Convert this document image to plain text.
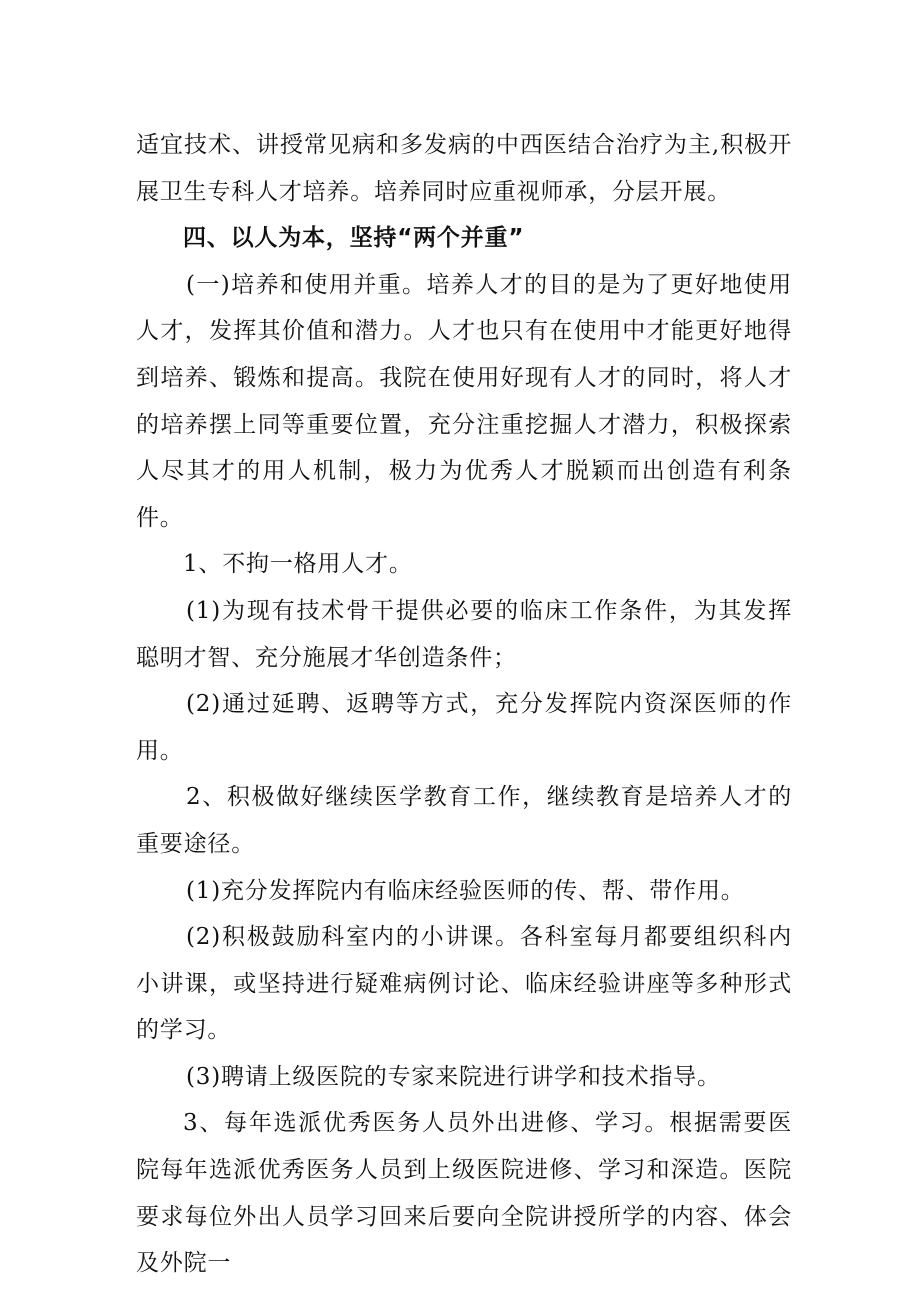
适宜技术、讲授常见病和多发病的中西医结合治疗为主,积极开展卫生专科人才培养。培养同时应重视师承，分层开展。

四、以人为本，坚持“两个并重”

(一)培养和使用并重。培养人才的目的是为了更好地使用人才，发挥其价值和潜力。人才也只有在使用中才能更好地得到培养、锻炼和提高。我院在使用好现有人才的同时，将人才的培养摆上同等重要位置，充分注重挖掘人才潜力，积极探索人尽其才的用人机制，极力为优秀人才脱颖而出创造有利条件。

1、不拘一格用人才。

(1)为现有技术骨干提供必要的临床工作条件，为其发挥聪明才智、充分施展才华创造条件；

(2)通过延聘、返聘等方式，充分发挥院内资深医师的作用。

2、积极做好继续医学教育工作，继续教育是培养人才的重要途径。

(1)充分发挥院内有临床经验医师的传、帮、带作用。

(2)积极鼓励科室内的小讲课。各科室每月都要组织科内小讲课，或坚持进行疑难病例讨论、临床经验讲座等多种形式的学习。

(3)聘请上级医院的专家来院进行讲学和技术指导。

3、每年选派优秀医务人员外出进修、学习。根据需要医院每年选派优秀医务人员到上级医院进修、学习和深造。医院要求每位外出人员学习回来后要向全院讲授所学的内容、体会及外院一
